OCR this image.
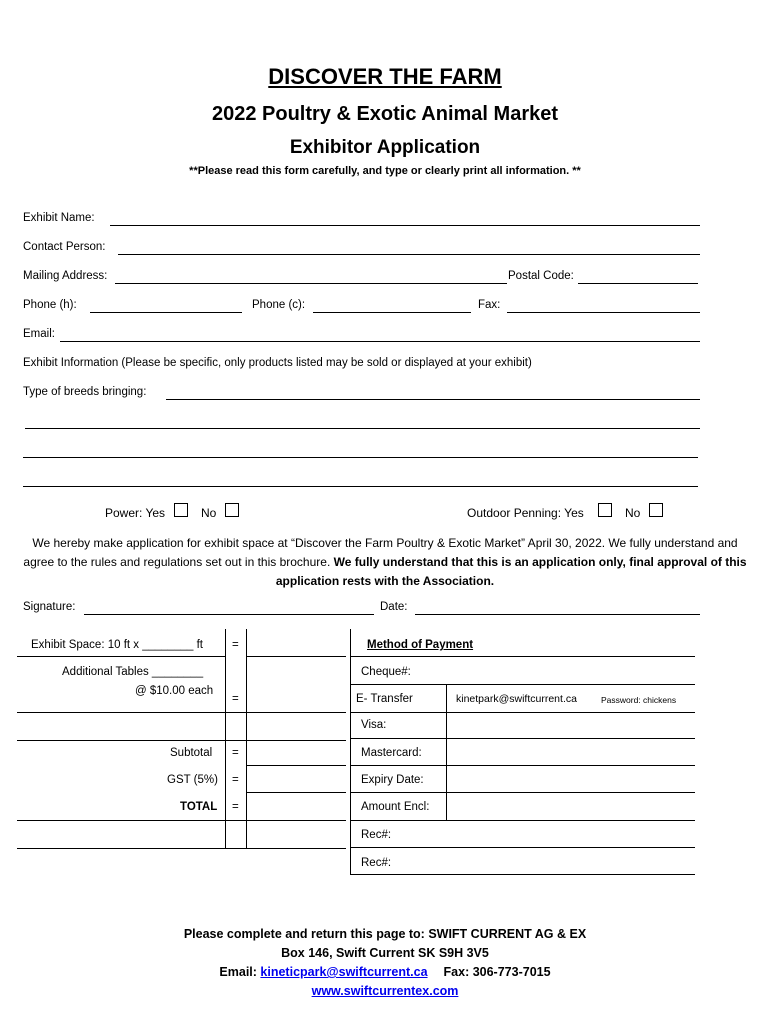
DISCOVER THE FARM
2022 Poultry & Exotic Animal Market
Exhibitor Application
**Please read this form carefully, and type or clearly print all information. **
Exhibit Name:
Contact Person:
Mailing Address:	Postal Code:
Phone (h):	Phone (c):	Fax:
Email:
Exhibit Information (Please be specific, only products listed may be sold or displayed at your exhibit)
Type of breeds bringing:
Power: Yes	No	Outdoor Penning: Yes	No
We hereby make application for exhibit space at “Discover the Farm Poultry & Exotic Market” April 30, 2022. We fully understand and agree to the rules and regulations set out in this brochure. We fully understand that this is an application only, final approval of this application rests with the Association.
Signature:	Date:
Exhibit Space: 10 ft x ________ ft	=
Additional Tables ________
@ $10.00 each
=
Subtotal =
GST (5%) =
TOTAL =
Method of Payment
Cheque#:
E- Transfer	kinetpark@swiftcurrent.ca	Password: chickens
Visa:
Mastercard:
Expiry Date:
Amount Encl:
Rec#:
Rec#:
Please complete and return this page to: SWIFT CURRENT AG & EX
Box 146, Swift Current SK S9H 3V5
Email: kineticpark@swiftcurrent.ca Fax: 306-773-7015
www.swiftcurrentex.com
